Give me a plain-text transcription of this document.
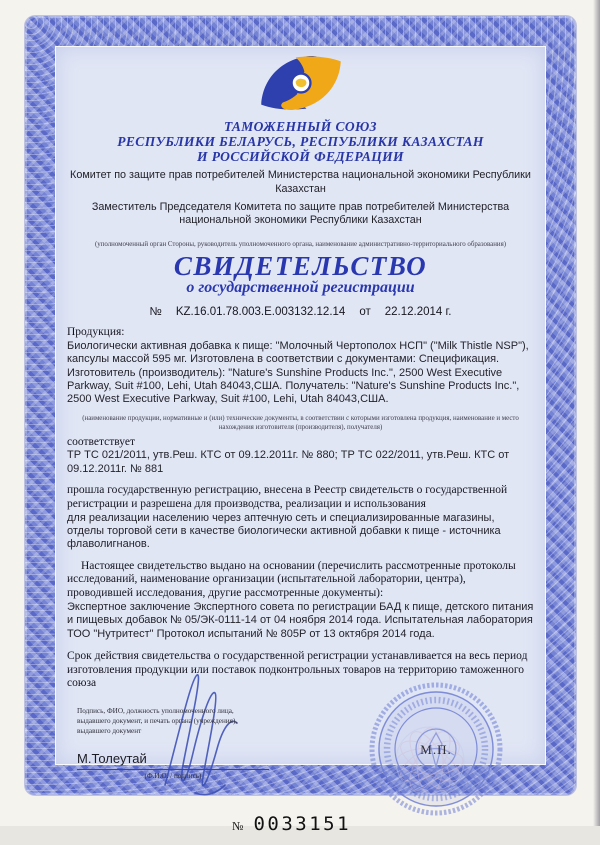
ТАМОЖЕННЫЙ СОЮЗ
РЕСПУБЛИКИ БЕЛАРУСЬ, РЕСПУБЛИКИ КАЗАХСТАН
И РОССИЙСКОЙ ФЕДЕРАЦИИ
Комитет по защите прав потребителей Министерства национальной экономики Республики Казахстан
Заместитель Председателя Комитета по защите прав потребителей Министерства национальной экономики Республики Казахстан
(уполномоченный орган Стороны, руководитель уполномоченного органа, наименование административно-территориального образования)
СВИДЕТЕЛЬСТВО
о государственной регистрации
№ KZ.16.01.78.003.E.003132.12.14 от 22.12.2014 г.
Продукция:
Биологически активная добавка к пище: "Молочный Чертополох НСП" ("Milk Thistle NSP"), капсулы массой 595 мг. Изготовлена в соответствии с документами: Спецификация. Изготовитель (производитель): "Nature's Sunshine Products Inc.", 2500 West Executive Parkway, Suit #100, Lehi, Utah 84043,США. Получатель: "Nature's Sunshine Products Inc.", 2500 West Executive Parkway, Suit #100, Lehi, Utah 84043,США.
(наименование продукции, нормативные и (или) технические документы, в соответствии с которыми изготовлена продукция, наименование и место нахождения изготовителя (производителя), получателя)
соответствует
ТР ТС 021/2011, утв.Реш. КТС от 09.12.2011г. № 880; ТР ТС 022/2011, утв.Реш. КТС от 09.12.2011г. № 881
прошла государственную регистрацию, внесена в Реестр свидетельств о государственной регистрации и разрешена для производства, реализации и использования
для реализации населению через аптечную сеть и специализированные магазины, отделы торговой сети в качестве биологически активной добавки к пище - источника флаволигнанов.
Настоящее свидетельство выдано на основании (перечислить рассмотренные протоколы исследований, наименование организации (испытательной лаборатории, центра), проводившей исследования, другие рассмотренные документы):
Экспертное заключение Экспертного совета по регистрации БАД к пище, детского питания и пищевых добавок № 05/ЭК-0111-14 от 04 ноября 2014 года. Испытательная лаборатория ТОО "Нутритест" Протокол испытаний № 805Р от 13 октября 2014 года.
Срок действия свидетельства о государственной регистрации устанавливается на весь период изготовления продукции или поставок подконтрольных товаров на территорию таможенного союза
Подпись, ФИО, должность уполномоченного лица,
выдавшего документ, и печать органа (учреждения),
выдавшего документ
М.Толеутай
(Ф.И.О. / подпись)
М.П.
№ 0033151
